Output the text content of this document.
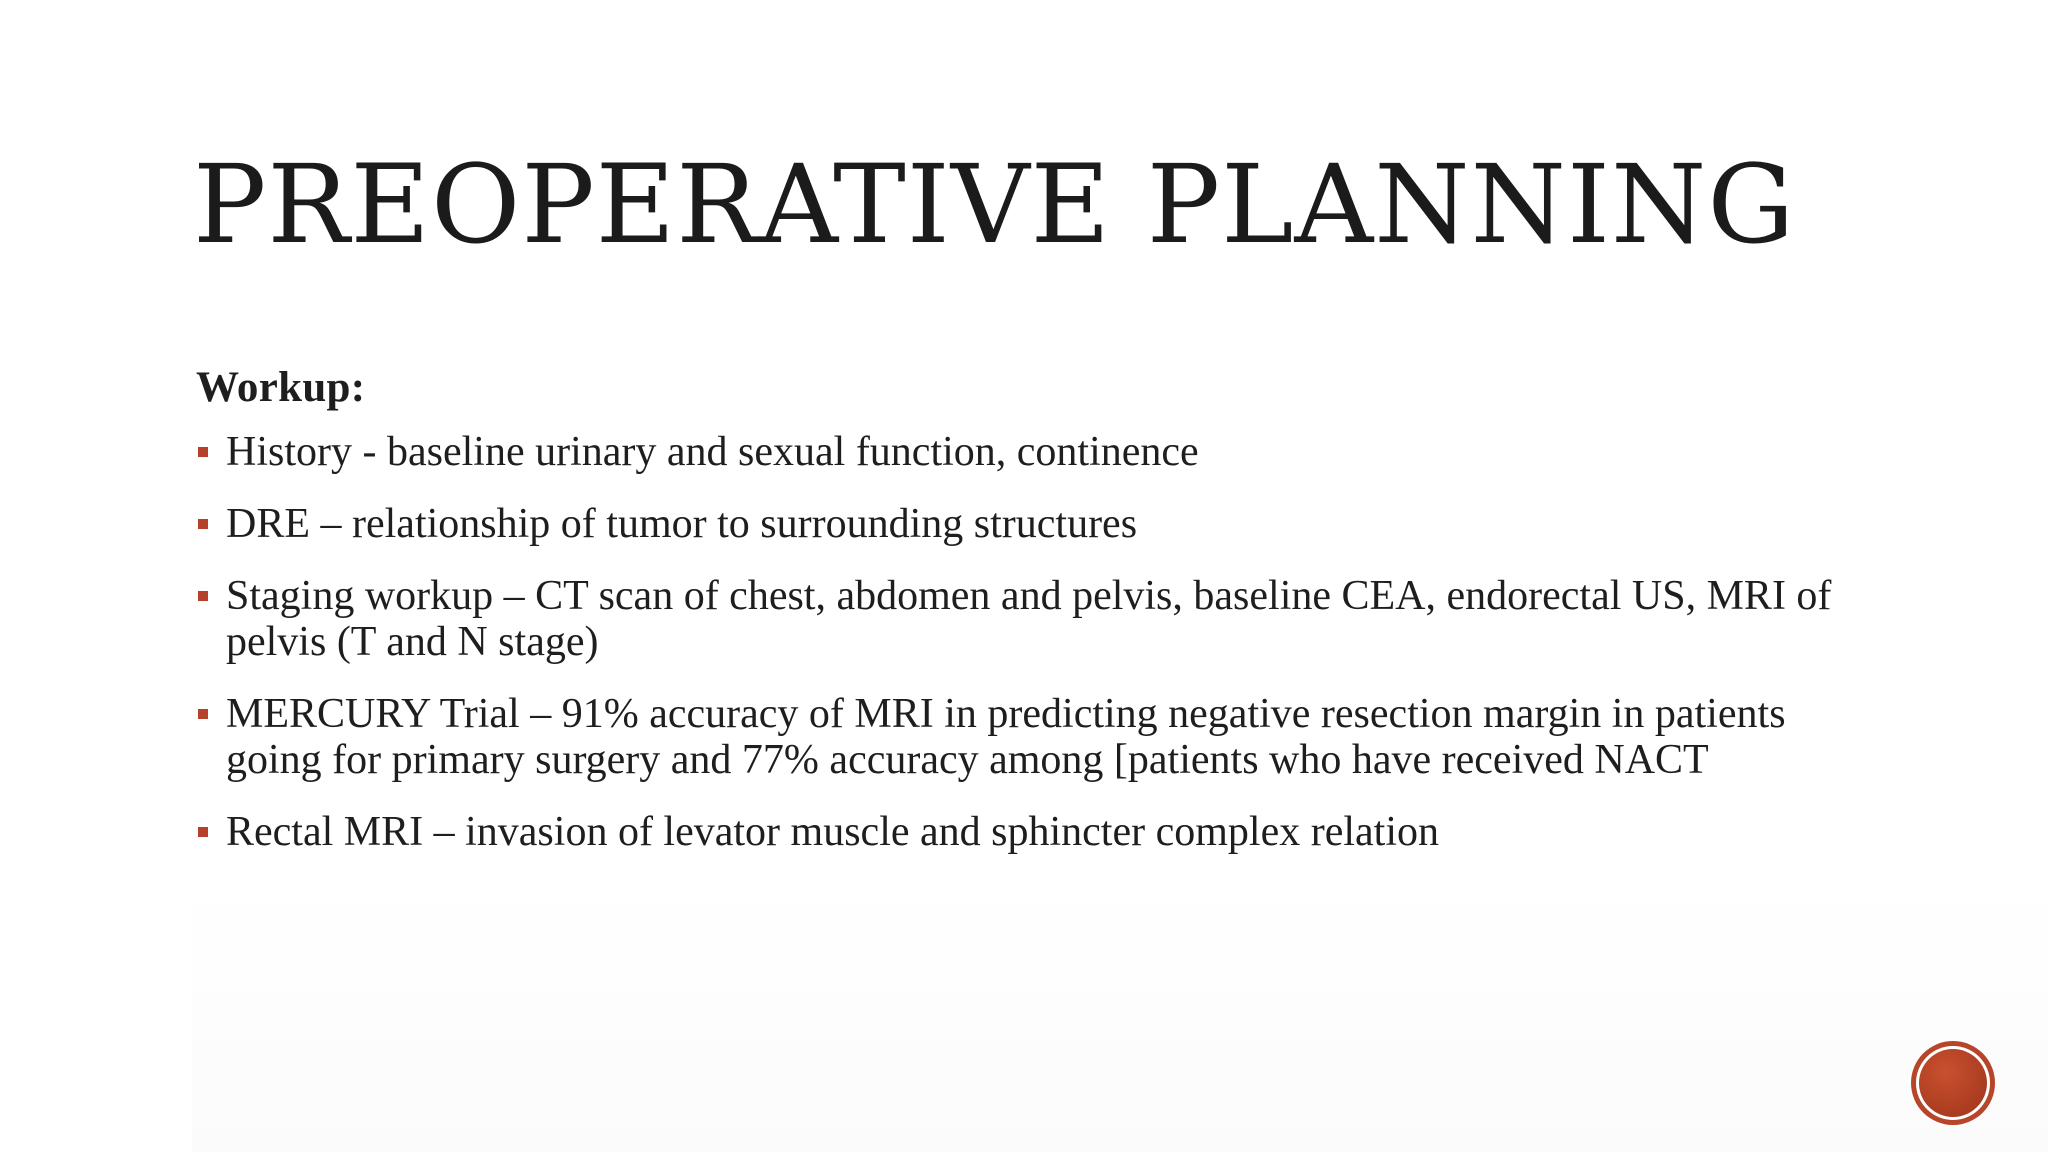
PREOPERATIVE PLANNING

Workup:

History - baseline urinary and sexual function, continence
DRE – relationship of tumor to surrounding structures
Staging workup – CT scan of chest, abdomen and pelvis, baseline CEA, endorectal US, MRI of pelvis (T and N stage)
MERCURY Trial – 91% accuracy of MRI in predicting negative resection margin in patients going for primary surgery and 77% accuracy among [patients who have received NACT
Rectal MRI – invasion of levator muscle and sphincter complex relation
